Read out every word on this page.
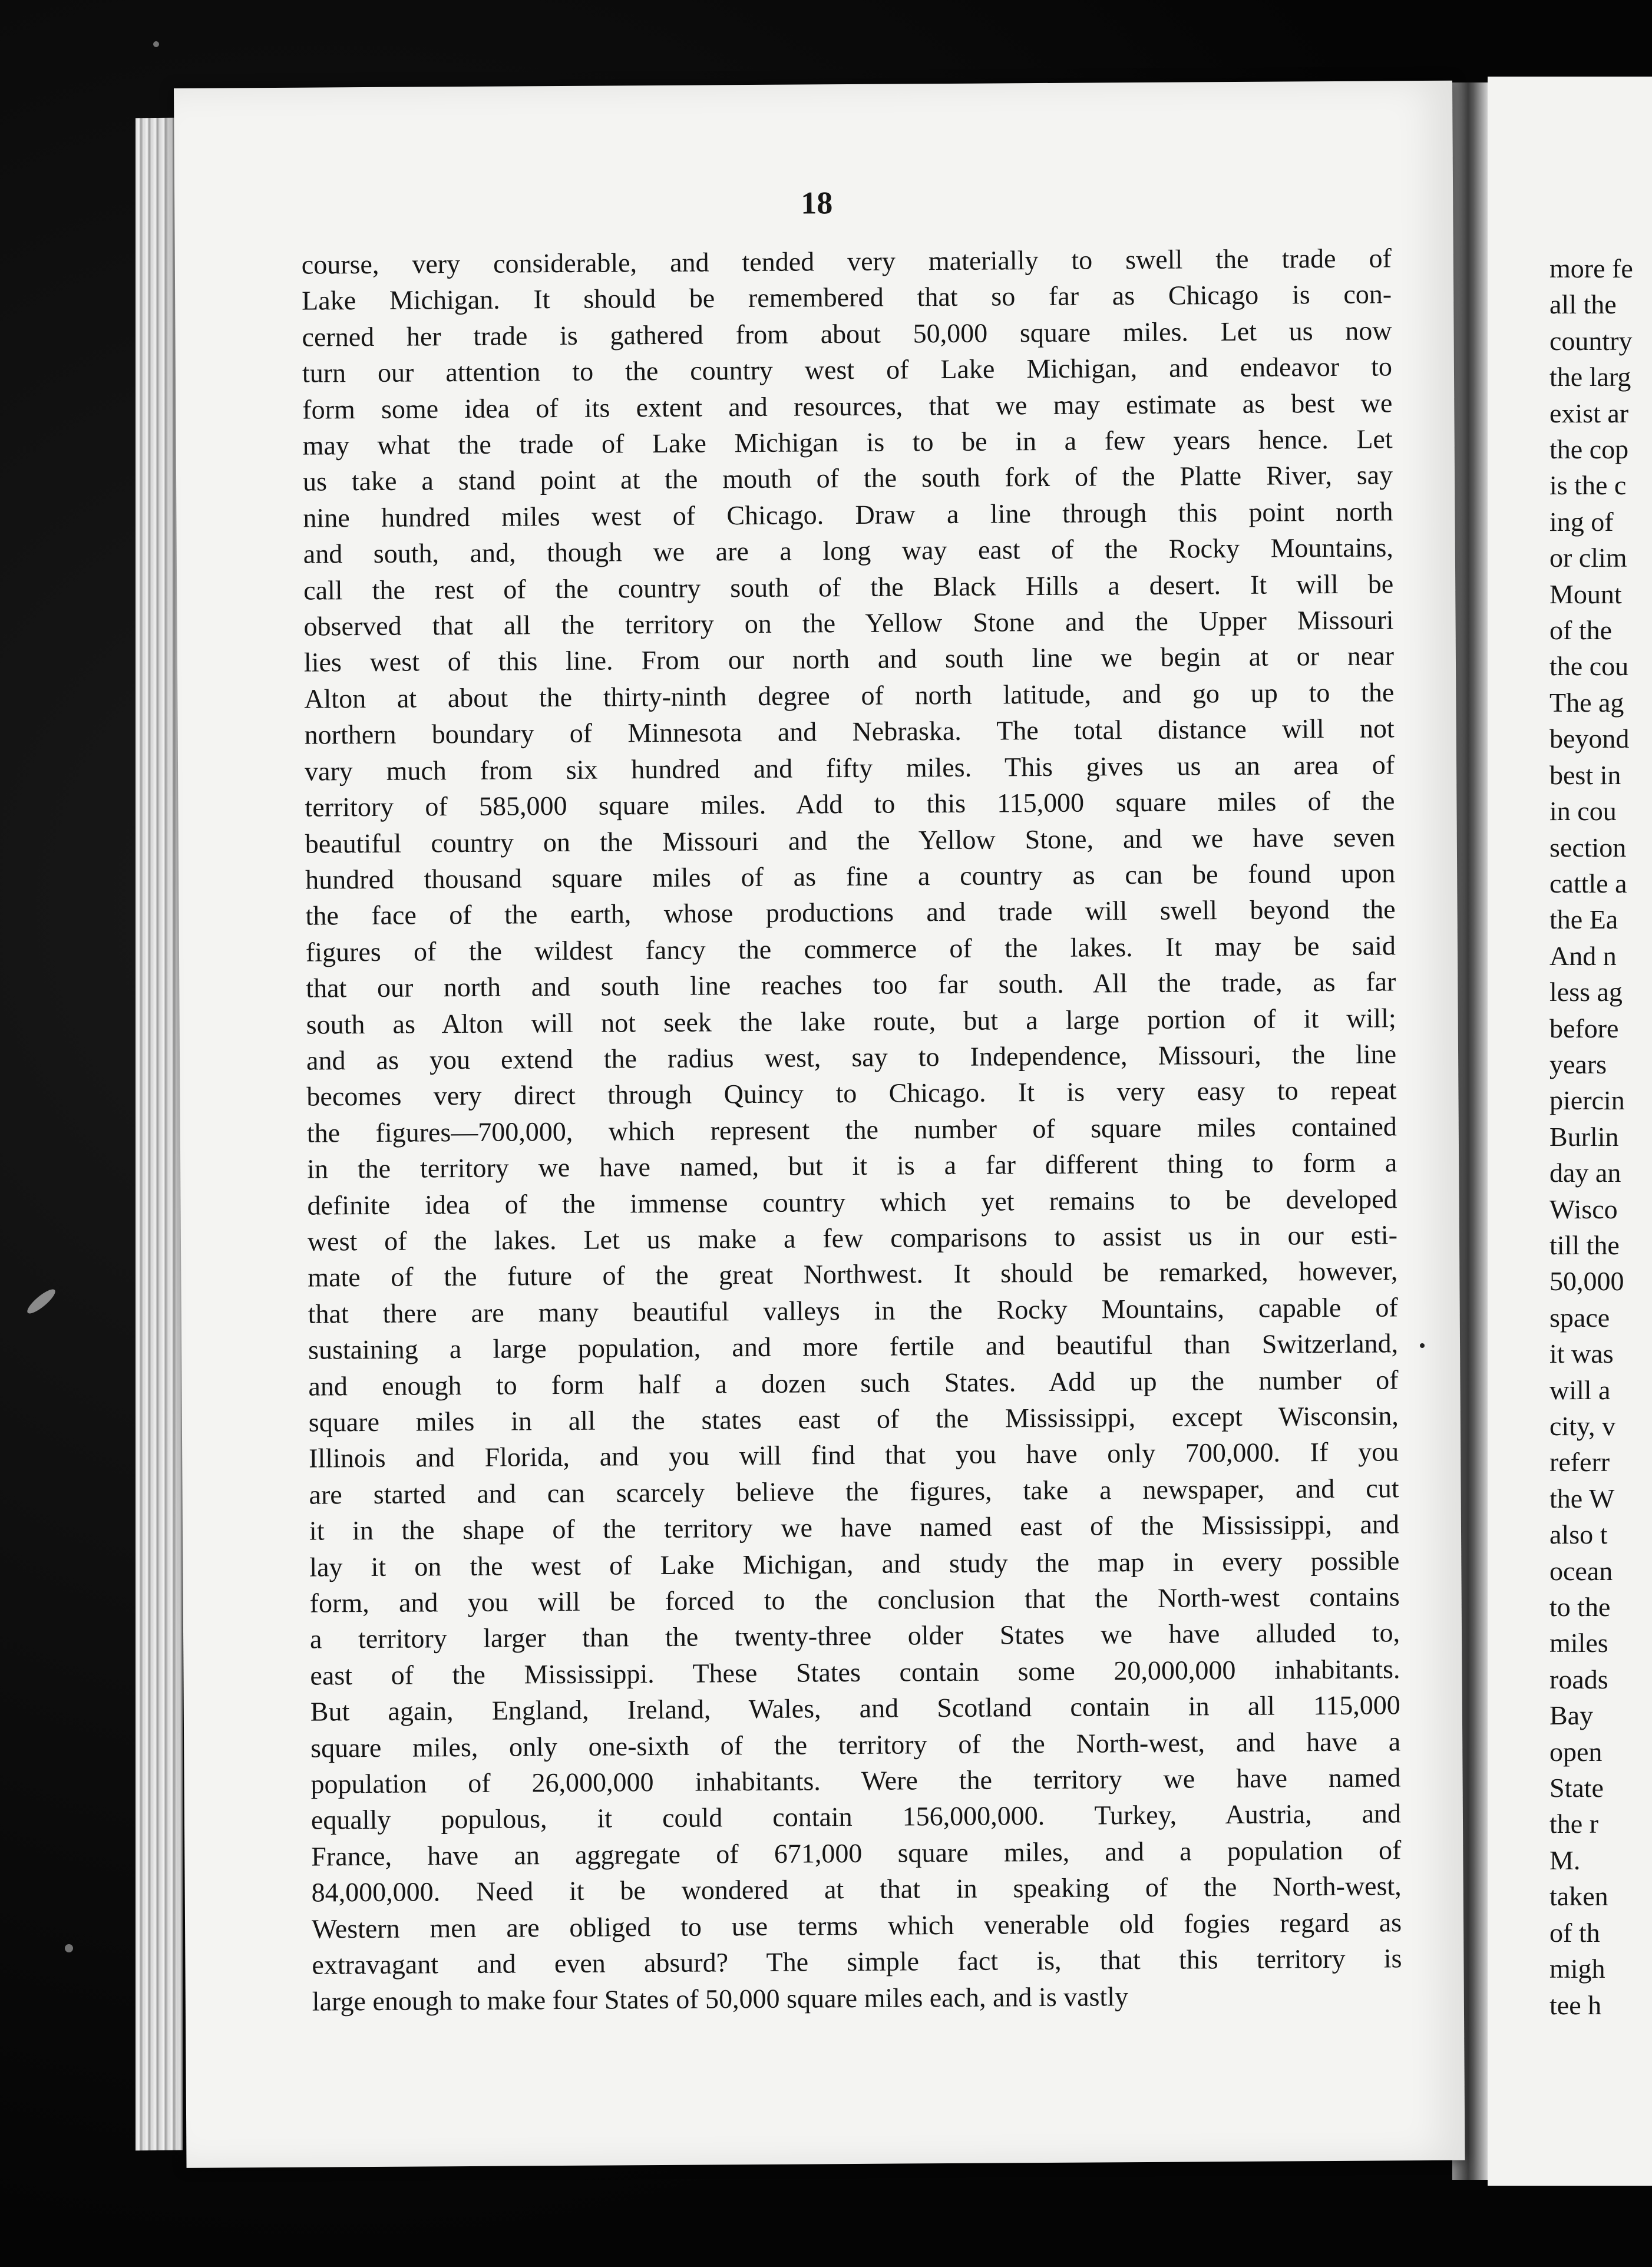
more fe
all the
country
the larg
exist ar
the cop
is the c
ing of
or clim
Mount
of the
the cou
The ag
beyond
best in
in cou
section
cattle a
the Ea
And n
less ag
before
years
piercin
Burlin
day an
Wisco
till the
50,000
space
it was
will a
city, v
referr
the W
also t
ocean
to the
miles
roads
Bay
open
State
the r
M.
taken
of th
migh
tee h
18
course, very considerable, and tended very materially to swell the trade of
Lake Michigan. It should be remembered that so far as Chicago is con-
cerned her trade is gathered from about 50,000 square miles. Let us now
turn our attention to the country west of Lake Michigan, and endeavor to
form some idea of its extent and resources, that we may estimate as best we
may what the trade of Lake Michigan is to be in a few years hence. Let
us take a stand point at the mouth of the south fork of the Platte River, say
nine hundred miles west of Chicago. Draw a line through this point north
and south, and, though we are a long way east of the Rocky Mountains,
call the rest of the country south of the Black Hills a desert. It will be
observed that all the territory on the Yellow Stone and the Upper Missouri
lies west of this line. From our north and south line we begin at or near
Alton at about the thirty-ninth degree of north latitude, and go up to the
northern boundary of Minnesota and Nebraska. The total distance will not
vary much from six hundred and fifty miles. This gives us an area of
territory of 585,000 square miles. Add to this 115,000 square miles of the
beautiful country on the Missouri and the Yellow Stone, and we have seven
hundred thousand square miles of as fine a country as can be found upon
the face of the earth, whose productions and trade will swell beyond the
figures of the wildest fancy the commerce of the lakes. It may be said
that our north and south line reaches too far south. All the trade, as far
south as Alton will not seek the lake route, but a large portion of it will;
and as you extend the radius west, say to Independence, Missouri, the line
becomes very direct through Quincy to Chicago. It is very easy to repeat
the figures—700,000, which represent the number of square miles contained
in the territory we have named, but it is a far different thing to form a
definite idea of the immense country which yet remains to be developed
west of the lakes. Let us make a few comparisons to assist us in our esti-
mate of the future of the great Northwest. It should be remarked, however,
that there are many beautiful valleys in the Rocky Mountains, capable of
sustaining a large population, and more fertile and beautiful than Switzerland,
and enough to form half a dozen such States. Add up the number of
square miles in all the states east of the Mississippi, except Wisconsin,
Illinois and Florida, and you will find that you have only 700,000. If you
are started and can scarcely believe the figures, take a newspaper, and cut
it in the shape of the territory we have named east of the Mississippi, and
lay it on the west of Lake Michigan, and study the map in every possible
form, and you will be forced to the conclusion that the North-west contains
a territory larger than the twenty-three older States we have alluded to,
east of the Mississippi. These States contain some 20,000,000 inhabitants.
But again, England, Ireland, Wales, and Scotland contain in all 115,000
square miles, only one-sixth of the territory of the North-west, and have a
population of 26,000,000 inhabitants. Were the territory we have named
equally populous, it could contain 156,000,000. Turkey, Austria, and
France, have an aggregate of 671,000 square miles, and a population of
84,000,000. Need it be wondered at that in speaking of the North-west,
Western men are obliged to use terms which venerable old fogies regard as
extravagant and even absurd? The simple fact is, that this territory is
large enough to make four States of 50,000 square miles each, and is vastly
